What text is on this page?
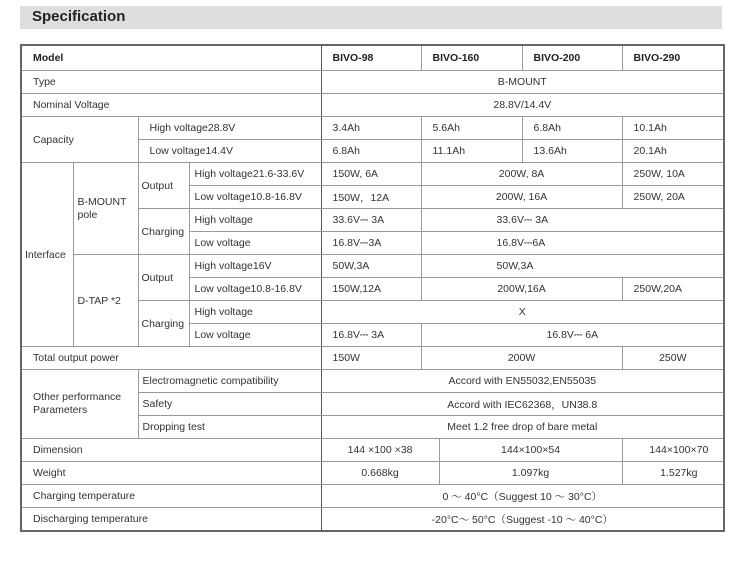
Specification
Model				BIVO-98	BIVO-160		BIVO-200	BIVO-290
Type				B-MOUNT				
Nominal Voltage				28.8V/14.4V				
Capacity		High voltage28.8V		3.4Ah	5.6Ah		6.8Ah	10.1Ah
		Low voltage14.4V		6.8Ah	11.1Ah		13.6Ah	20.1Ah
Interface	B-MOUNT pole	Output	High voltage21.6-33.6V	150W, 6A	200W, 8A			250W, 10A
			Low voltage10.8-16.8V	150W，12A	200W, 16A			250W, 20A
		Charging	High voltage	33.6V⎓ 3A	33.6V⎓ 3A			
			Low voltage	16.8V⎓3A	16.8V⎓6A			
	D-TAP *2	Output	High voltage16V	50W,3A	50W,3A			
			Low voltage10.8-16.8V	150W,12A	200W,16A			250W,20A
		Charging	High voltage	X				
			Low voltage	16.8V⎓ 3A	16.8V⎓ 6A			
Total output power				150W	200W			250W
Other performance Parameters		Electromagnetic compatibility		Accord with EN55032,EN55035				
		Safety		Accord with IEC62368，UN38.8				
		Dropping test		Meet 1.2 free drop of bare metal				
Dimension				144 ×100 ×38		144×100×54		144×100×70
Weight				0.668kg		1.097kg		1.527kg
Charging temperature				0 ～ 40°C（Suggest 10 ～ 30°C）				
Discharging temperature				-20°C～ 50°C（Suggest -10 ～ 40°C）				
